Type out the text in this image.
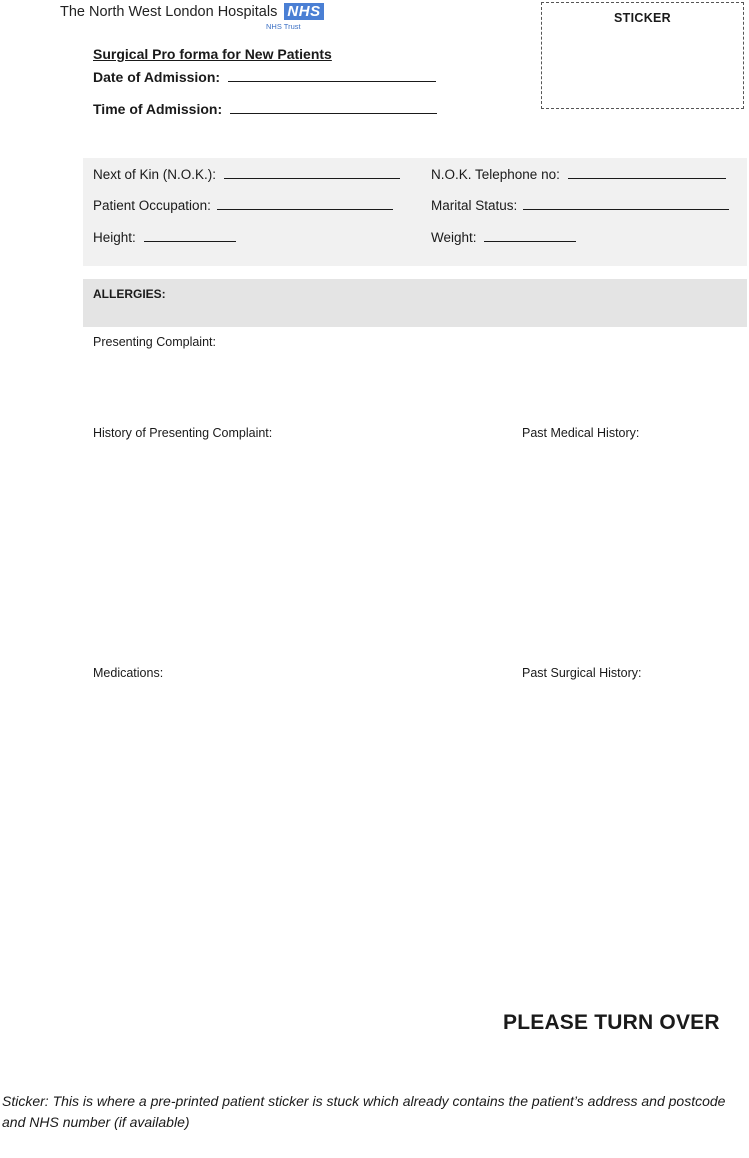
The North West London Hospitals NHS
NHS Trust
STICKER
Surgical Pro forma for New Patients
Date of Admission:
Time of Admission:
Next of Kin (N.O.K.):	N.O.K. Telephone no:
Patient Occupation:	Marital Status:
Height:	Weight:
ALLERGIES:
Presenting Complaint:
History of Presenting Complaint:	Past Medical History:
Medications:	Past Surgical History:
PLEASE TURN OVER
Sticker: This is where a pre-printed patient sticker is stuck which already contains the patient’s address and postcode and NHS number (if available)
